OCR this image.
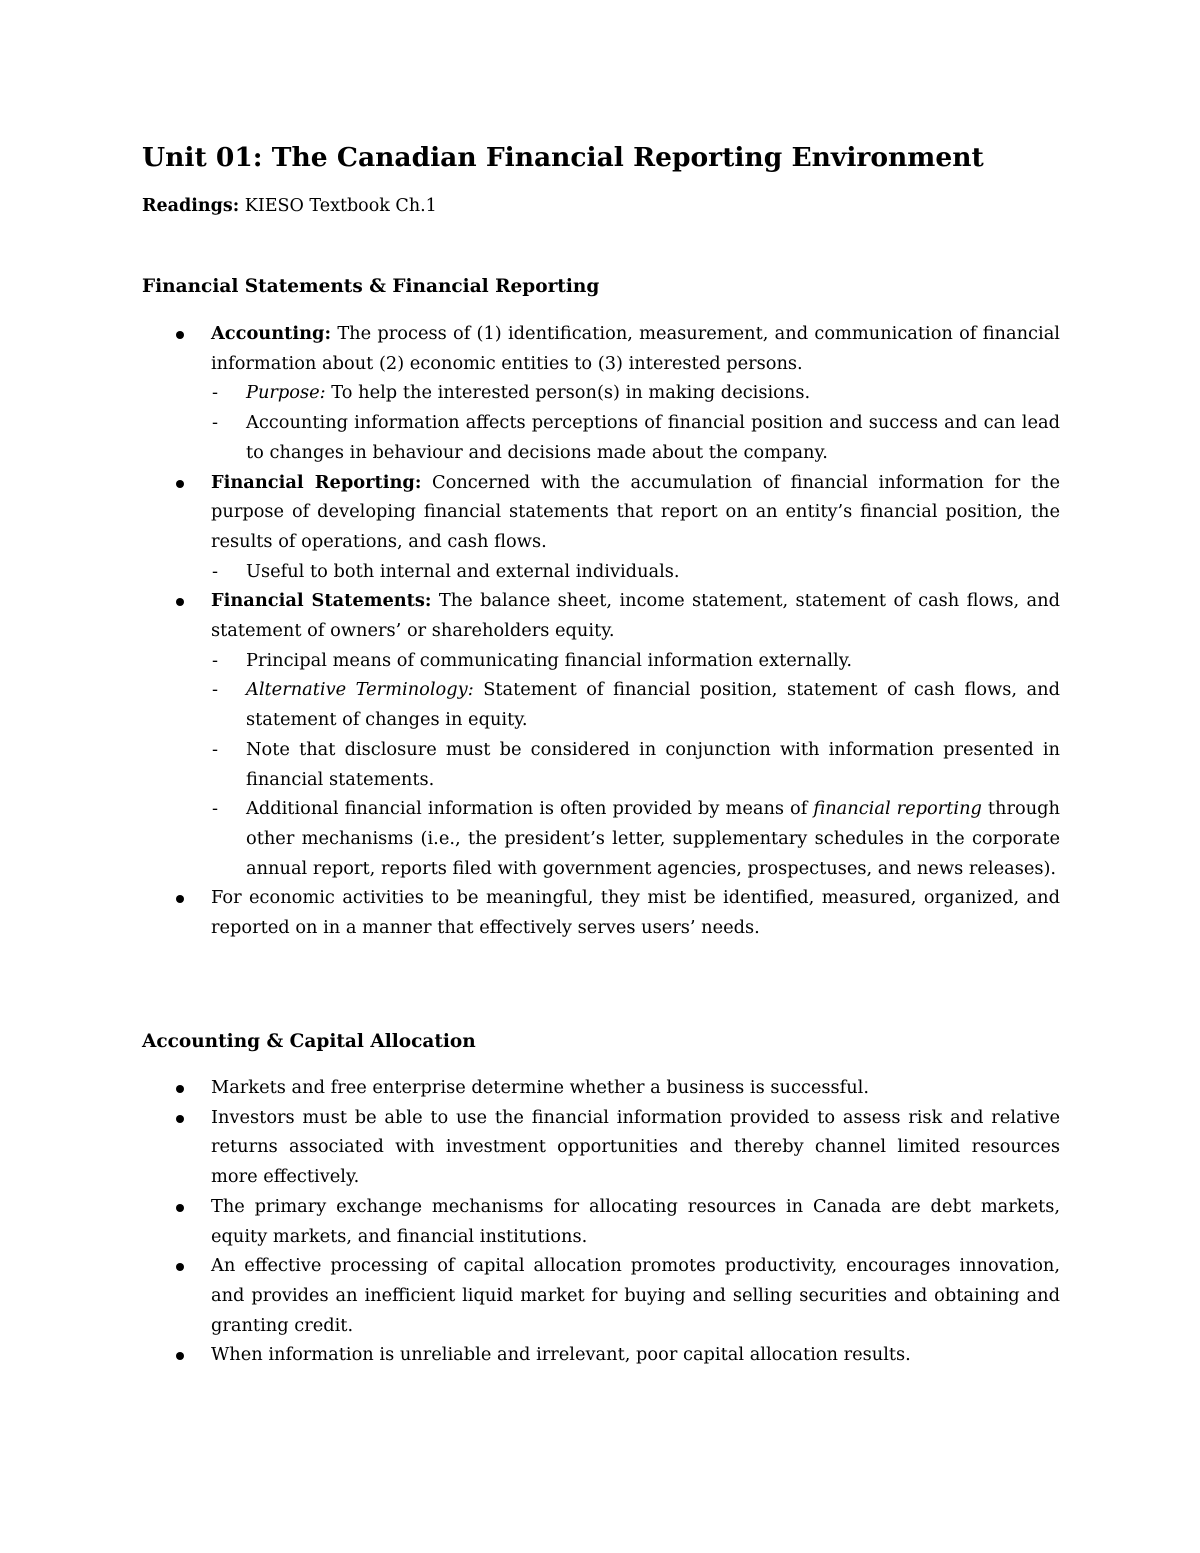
Unit 01: The Canadian Financial Reporting Environment
Readings: KIESO Textbook Ch.1
Financial Statements & Financial Reporting
Accounting: The process of (1) identification, measurement, and communication of financial information about (2) economic entities to (3) interested persons.
- Purpose: To help the interested person(s) in making decisions.
- Accounting information affects perceptions of financial position and success and can lead to changes in behaviour and decisions made about the company.
Financial Reporting: Concerned with the accumulation of financial information for the purpose of developing financial statements that report on an entity’s financial position, the results of operations, and cash flows.
- Useful to both internal and external individuals.
Financial Statements: The balance sheet, income statement, statement of cash flows, and statement of owners’ or shareholders equity.
- Principal means of communicating financial information externally.
- Alternative Terminology: Statement of financial position, statement of cash flows, and statement of changes in equity.
- Note that disclosure must be considered in conjunction with information presented in financial statements.
- Additional financial information is often provided by means of financial reporting through other mechanisms (i.e., the president’s letter, supplementary schedules in the corporate annual report, reports filed with government agencies, prospectuses, and news releases).
For economic activities to be meaningful, they mist be identified, measured, organized, and reported on in a manner that effectively serves users’ needs.
Accounting & Capital Allocation
Markets and free enterprise determine whether a business is successful.
Investors must be able to use the financial information provided to assess risk and relative returns associated with investment opportunities and thereby channel limited resources more effectively.
The primary exchange mechanisms for allocating resources in Canada are debt markets, equity markets, and financial institutions.
An effective processing of capital allocation promotes productivity, encourages innovation, and provides an inefficient liquid market for buying and selling securities and obtaining and granting credit.
When information is unreliable and irrelevant, poor capital allocation results.
